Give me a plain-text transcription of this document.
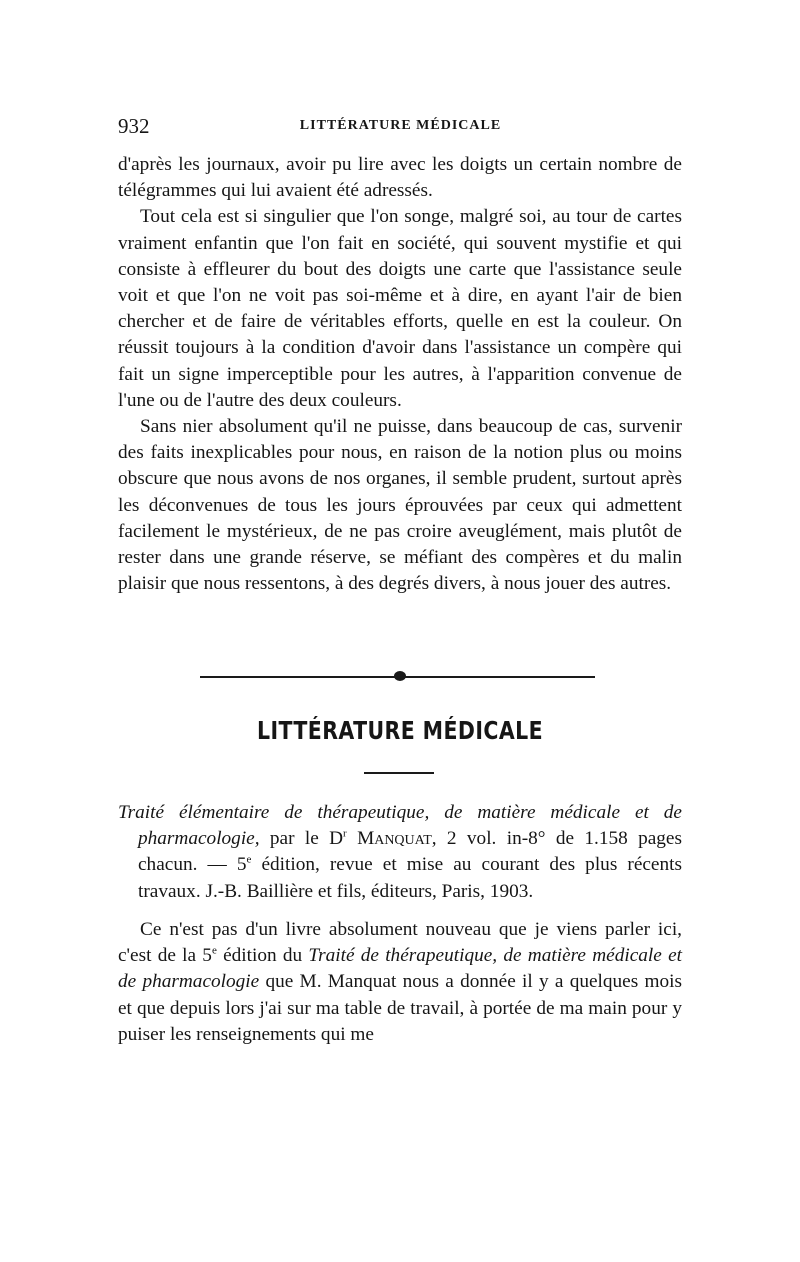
932	LITTÉRATURE MÉDICALE

d'après les journaux, avoir pu lire avec les doigts un certain nombre de télégrammes qui lui avaient été adressés.

Tout cela est si singulier que l'on songe, malgré soi, au tour de cartes vraiment enfantin que l'on fait en société, qui souvent mystifie et qui consiste à effleurer du bout des doigts une carte que l'assistance seule voit et que l'on ne voit pas soi-même et à dire, en ayant l'air de bien chercher et de faire de véritables efforts, quelle en est la couleur. On réussit toujours à la condition d'avoir dans l'assistance un compère qui fait un signe imperceptible pour les autres, à l'apparition convenue de l'une ou de l'autre des deux couleurs.

Sans nier absolument qu'il ne puisse, dans beaucoup de cas, survenir des faits inexplicables pour nous, en raison de la notion plus ou moins obscure que nous avons de nos organes, il semble prudent, surtout après les déconvenues de tous les jours éprouvées par ceux qui admettent facilement le mystérieux, de ne pas croire aveuglément, mais plutôt de rester dans une grande réserve, se méfiant des compères et du malin plaisir que nous ressentons, à des degrés divers, à nous jouer des autres.

LITTÉRATURE MÉDICALE
Traité élémentaire de thérapeutique, de matière médicale et de pharmacologie, par le $D^r$ Manquat, 2 vol. in-8° de 1.158 pages chacun. — 5e édition, revue et mise au courant des plus récents travaux. J.-B. Baillière et fils, éditeurs, Paris, 1903.

Ce n'est pas d'un livre absolument nouveau que je viens parler ici, c'est de la 5e édition du Traité de thérapeutique, de matière médicale et de pharmacologie que M. Manquat nous a donnée il y a quelques mois et que depuis lors j'ai sur ma table de travail, à portée de ma main pour y puiser les renseignements qui me
